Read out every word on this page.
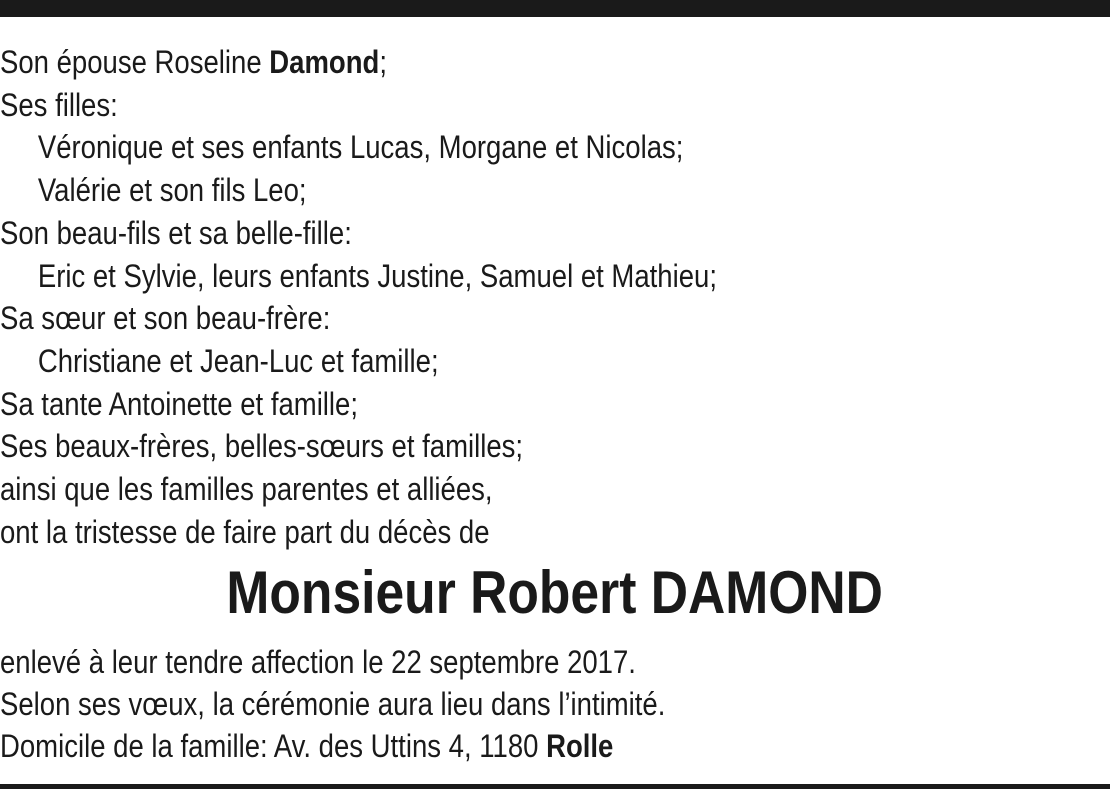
Son épouse Roseline Damond;
Ses filles:
Véronique et ses enfants Lucas, Morgane et Nicolas;
Valérie et son fils Leo;
Son beau-fils et sa belle-fille:
Eric et Sylvie, leurs enfants Justine, Samuel et Mathieu;
Sa sœur et son beau-frère:
Christiane et Jean-Luc et famille;
Sa tante Antoinette et famille;
Ses beaux-frères, belles-sœurs et familles;
ainsi que les familles parentes et alliées,
ont la tristesse de faire part du décès de
Monsieur Robert DAMOND
enlevé à leur tendre affection le 22 septembre 2017.
Selon ses vœux, la cérémonie aura lieu dans l’intimité.
Domicile de la famille: Av. des Uttins 4, 1180 Rolle
